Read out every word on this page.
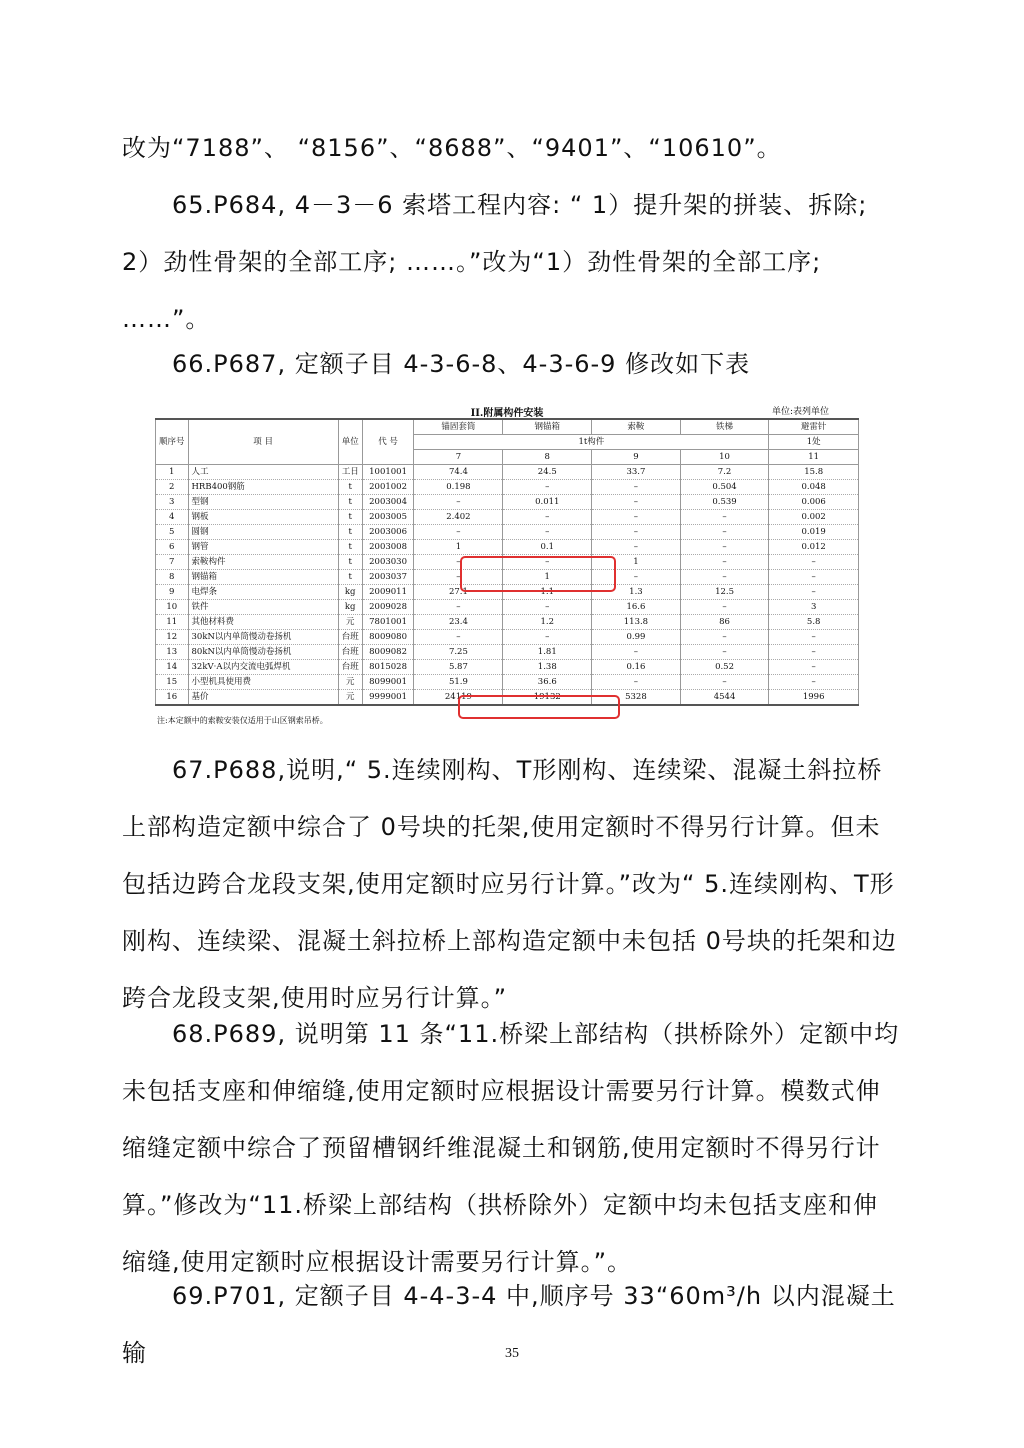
改为“7188”、 “8156”、“8688”、“9401”、“10610”。

65.P684, 4－3－6 索塔工程内容: “ 1）提升架的拼装、拆除; 2）劲性骨架的全部工序; ……。”改为“1）劲性骨架的全部工序; ……”。

66.P687, 定额子目 4-3-6-8、4-3-6-9 修改如下表

II.附属构件安装	单位:表列单位
顺序号	项 目	单位	代 号	锚固套筒	钢锚箱	索鞍	铁梯	避雷针
				1t构件				1处
				7	8	9	10	11
1	人工	工日	1001001	74.4	24.5	33.7	7.2	15.8
2	HRB400钢筋	t	2001002	0.198	–	–	0.504	0.048
3	型钢	t	2003004	–	0.011	–	0.539	0.006
4	钢板	t	2003005	2.402	–	–	–	0.002
5	圆钢	t	2003006	–	–	–	–	0.019
6	钢管	t	2003008	1	0.1	–	–	0.012
7	索鞍构件	t	2003030	–	–	1	–	–
8	钢锚箱	t	2003037	–	1	–	–	–
9	电焊条	kg	2009011	27.1	1.1	1.3	12.5	–
10	铁件	kg	2009028	–	–	16.6	–	3
11	其他材料费	元	7801001	23.4	1.2	113.8	86	5.8
12	30kN以内单筒慢动卷扬机	台班	8009080	–	–	0.99	–	–
13	80kN以内单筒慢动卷扬机	台班	8009082	7.25	1.81	–	–	–
14	32kV·A以内交流电弧焊机	台班	8015028	5.87	1.38	0.16	0.52	–
15	小型机具使用费	元	8099001	51.9	36.6	–	–	–
16	基价	元	9999001	24119	19132	5328	4544	1996
注:本定额中的索鞍安装仅适用于山区钢索吊桥。

67.P688,说明,“ 5.连续刚构、T形刚构、连续梁、混凝土斜拉桥上部构造定额中综合了 0号块的托架,使用定额时不得另行计算。但未包括边跨合龙段支架,使用定额时应另行计算。”改为“ 5.连续刚构、T形刚构、连续梁、混凝土斜拉桥上部构造定额中未包括 0号块的托架和边跨合龙段支架,使用时应另行计算。”

68.P689, 说明第 11 条“11.桥梁上部结构（拱桥除外）定额中均未包括支座和伸缩缝,使用定额时应根据设计需要另行计算。模数式伸缩缝定额中综合了预留槽钢纤维混凝土和钢筋,使用定额时不得另行计算。”修改为“11.桥梁上部结构（拱桥除外）定额中均未包括支座和伸缩缝,使用定额时应根据设计需要另行计算。”。

69.P701, 定额子目 4-4-3-4 中,顺序号 33“60m³/h 以内混凝土输	35
